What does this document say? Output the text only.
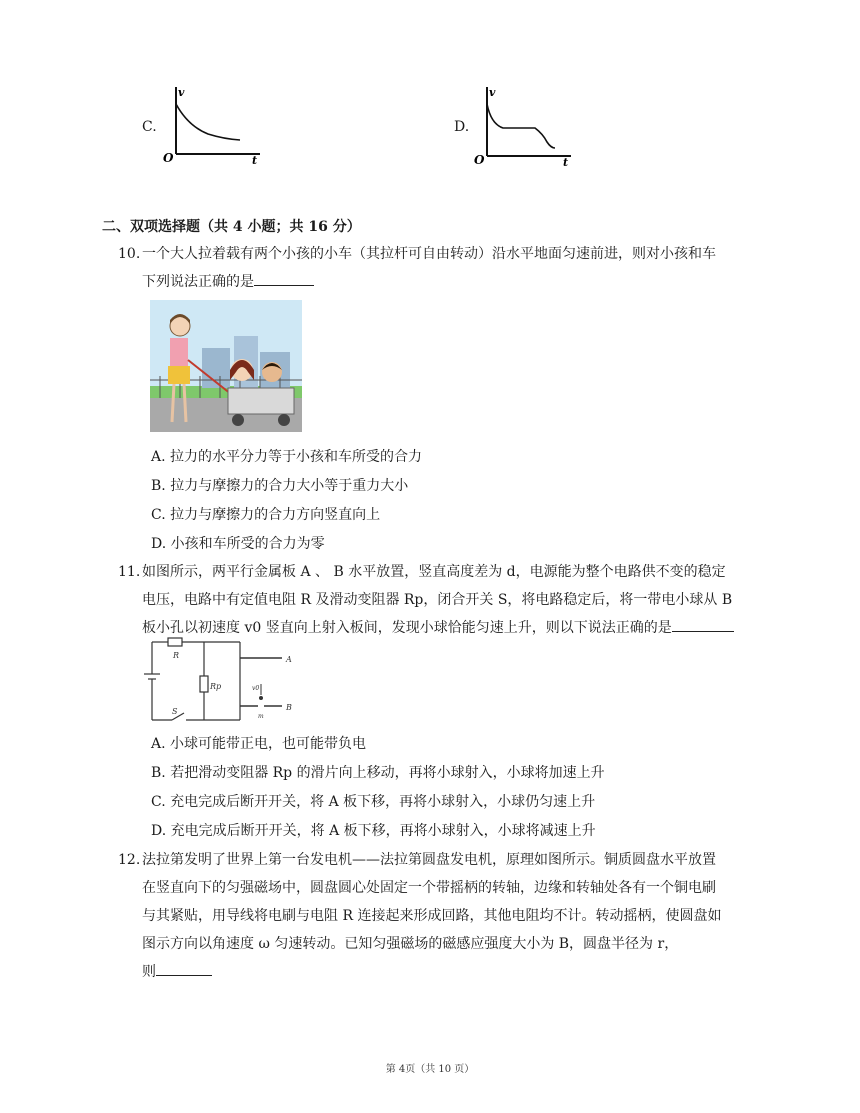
C.
v
t
O
D.
v
t
O
二、双项选择题（共 4 小题；共 16 分）
10. 一个大人拉着载有两个小孩的小车（其拉杆可自由转动）沿水平地面匀速前进，则对小孩和车
下列说法正确的是
A. 拉力的水平分力等于小孩和车所受的合力
B. 拉力与摩擦力的合力大小等于重力大小
C. 拉力与摩擦力的合力方向竖直向上
D. 小孩和车所受的合力为零
11. 如图所示，两平行金属板 A 、 B 水平放置，竖直高度差为 d，电源能为整个电路供不变的稳定
电压，电路中有定值电阻 R 及滑动变阻器 Rp，闭合开关 S，将电路稳定后，将一带电小球从 B
板小孔以初速度 v0 竖直向上射入板间，发现小球恰能匀速上升，则以下说法正确的是
R
Rp
A
B
S
v0
m
A. 小球可能带正电，也可能带负电
B. 若把滑动变阻器 Rp 的滑片向上移动，再将小球射入，小球将加速上升
C. 充电完成后断开开关，将 A 板下移，再将小球射入，小球仍匀速上升
D. 充电完成后断开开关，将 A 板下移，再将小球射入，小球将减速上升
12. 法拉第发明了世界上第一台发电机——法拉第圆盘发电机，原理如图所示。铜质圆盘水平放置
在竖直向下的匀强磁场中，圆盘圆心处固定一个带摇柄的转轴，边缘和转轴处各有一个铜电刷
与其紧贴，用导线将电刷与电阻 R 连接起来形成回路，其他电阻均不计。转动摇柄，使圆盘如
图示方向以角速度 ω 匀速转动。已知匀强磁场的磁感应强度大小为 B，圆盘半径为 r，
则
第 4页（共 10 页）
